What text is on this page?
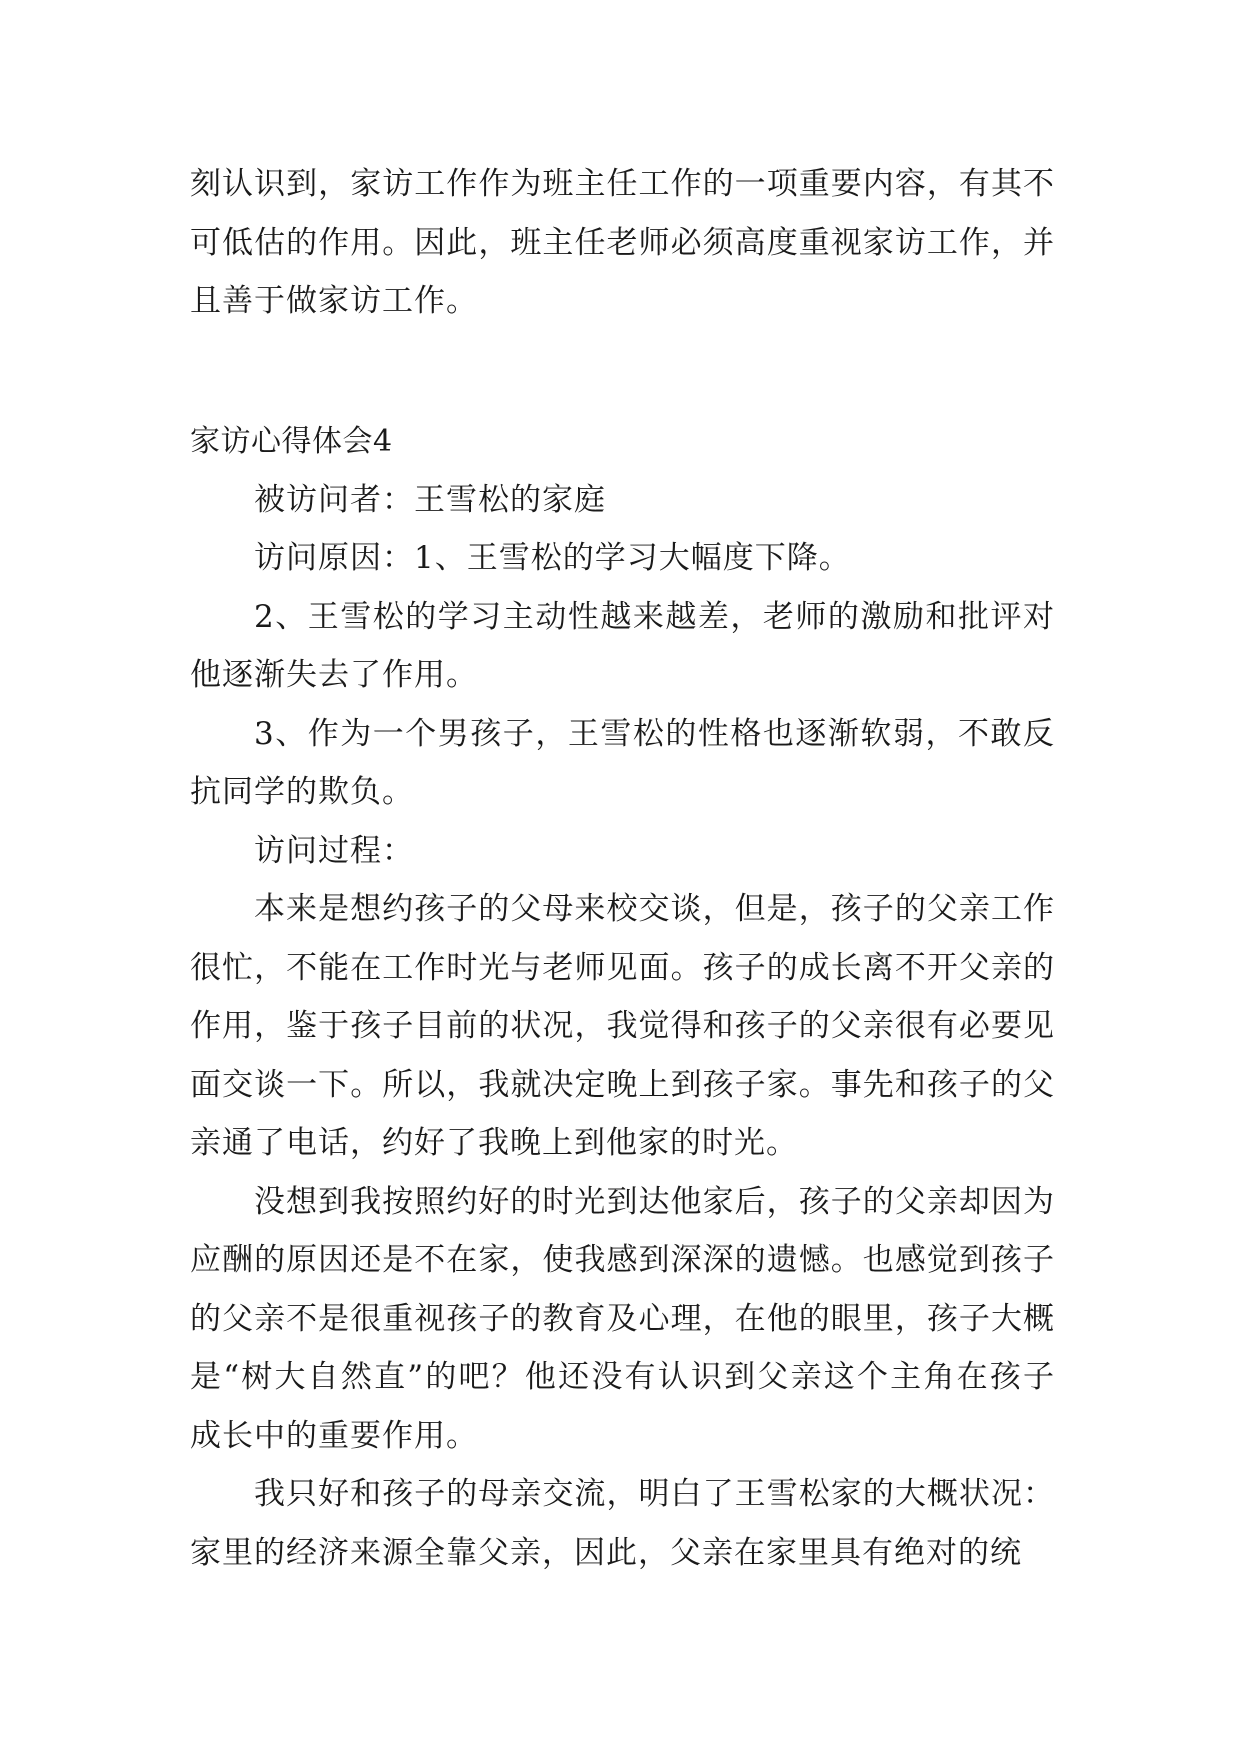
刻认识到，家访工作作为班主任工作的一项重要内容，有其不可低估的作用。因此，班主任老师必须高度重视家访工作，并且善于做家访工作。

家访心得体会4

被访问者：王雪松的家庭

访问原因：1、王雪松的学习大幅度下降。

2、王雪松的学习主动性越来越差，老师的激励和批评对他逐渐失去了作用。

3、作为一个男孩子，王雪松的性格也逐渐软弱，不敢反抗同学的欺负。

访问过程：

本来是想约孩子的父母来校交谈，但是，孩子的父亲工作很忙，不能在工作时光与老师见面。孩子的成长离不开父亲的作用，鉴于孩子目前的状况，我觉得和孩子的父亲很有必要见面交谈一下。所以，我就决定晚上到孩子家。事先和孩子的父亲通了电话，约好了我晚上到他家的时光。

没想到我按照约好的时光到达他家后，孩子的父亲却因为应酬的原因还是不在家，使我感到深深的遗憾。也感觉到孩子的父亲不是很重视孩子的教育及心理，在他的眼里，孩子大概是“树大自然直”的吧？他还没有认识到父亲这个主角在孩子成长中的重要作用。

我只好和孩子的母亲交流，明白了王雪松家的大概状况：家里的经济来源全靠父亲，因此，父亲在家里具有绝对的统
